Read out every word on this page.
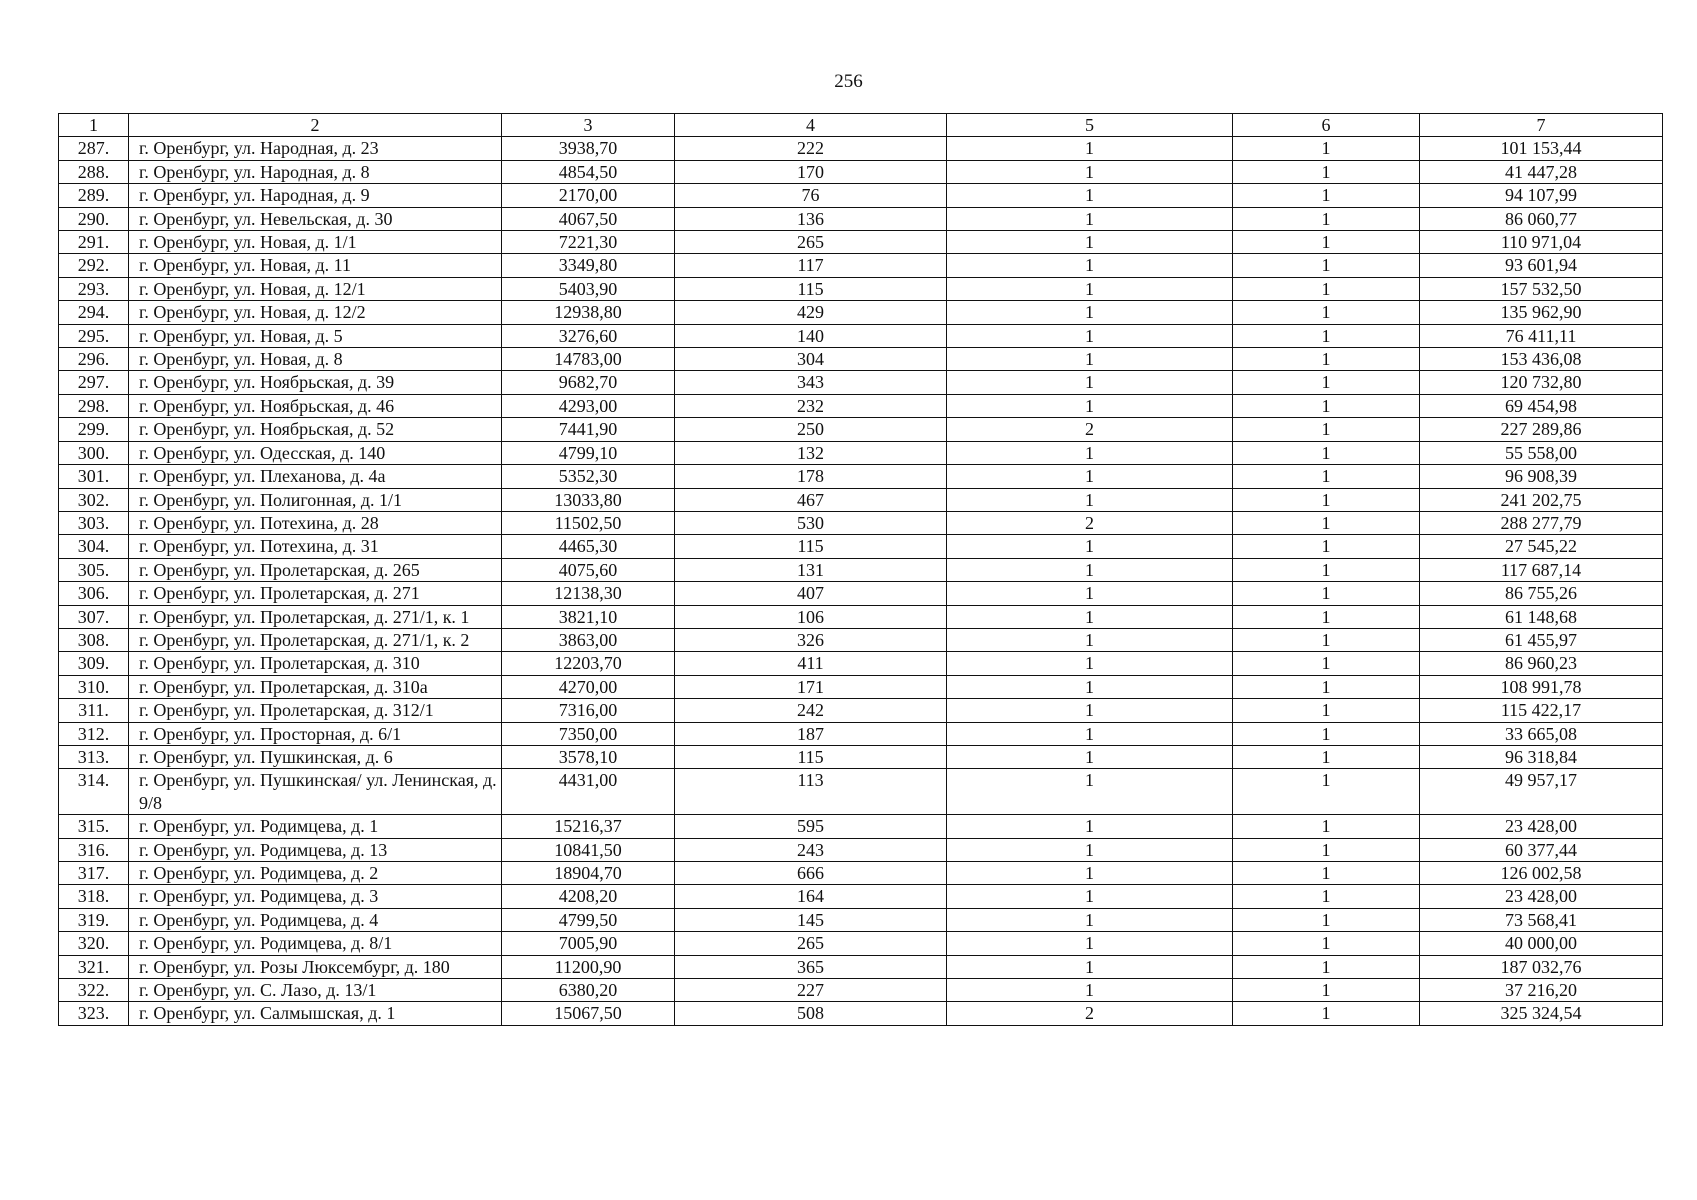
256
1	2	3	4	5	6	7
287.	г. Оренбург, ул. Народная, д. 23	3938,70	222	1	1	101 153,44
288.	г. Оренбург, ул. Народная, д. 8	4854,50	170	1	1	41 447,28
289.	г. Оренбург, ул. Народная, д. 9	2170,00	76	1	1	94 107,99
290.	г. Оренбург, ул. Невельская, д. 30	4067,50	136	1	1	86 060,77
291.	г. Оренбург, ул. Новая, д. 1/1	7221,30	265	1	1	110 971,04
292.	г. Оренбург, ул. Новая, д. 11	3349,80	117	1	1	93 601,94
293.	г. Оренбург, ул. Новая, д. 12/1	5403,90	115	1	1	157 532,50
294.	г. Оренбург, ул. Новая, д. 12/2	12938,80	429	1	1	135 962,90
295.	г. Оренбург, ул. Новая, д. 5	3276,60	140	1	1	76 411,11
296.	г. Оренбург, ул. Новая, д. 8	14783,00	304	1	1	153 436,08
297.	г. Оренбург, ул. Ноябрьская, д. 39	9682,70	343	1	1	120 732,80
298.	г. Оренбург, ул. Ноябрьская, д. 46	4293,00	232	1	1	69 454,98
299.	г. Оренбург, ул. Ноябрьская, д. 52	7441,90	250	2	1	227 289,86
300.	г. Оренбург, ул. Одесская, д. 140	4799,10	132	1	1	55 558,00
301.	г. Оренбург, ул. Плеханова, д. 4а	5352,30	178	1	1	96 908,39
302.	г. Оренбург, ул. Полигонная, д. 1/1	13033,80	467	1	1	241 202,75
303.	г. Оренбург, ул. Потехина, д. 28	11502,50	530	2	1	288 277,79
304.	г. Оренбург, ул. Потехина, д. 31	4465,30	115	1	1	27 545,22
305.	г. Оренбург, ул. Пролетарская, д. 265	4075,60	131	1	1	117 687,14
306.	г. Оренбург, ул. Пролетарская, д. 271	12138,30	407	1	1	86 755,26
307.	г. Оренбург, ул. Пролетарская, д. 271/1, к. 1	3821,10	106	1	1	61 148,68
308.	г. Оренбург, ул. Пролетарская, д. 271/1, к. 2	3863,00	326	1	1	61 455,97
309.	г. Оренбург, ул. Пролетарская, д. 310	12203,70	411	1	1	86 960,23
310.	г. Оренбург, ул. Пролетарская, д. 310а	4270,00	171	1	1	108 991,78
311.	г. Оренбург, ул. Пролетарская, д. 312/1	7316,00	242	1	1	115 422,17
312.	г. Оренбург, ул. Просторная, д. 6/1	7350,00	187	1	1	33 665,08
313.	г. Оренбург, ул. Пушкинская, д. 6	3578,10	115	1	1	96 318,84
314.	г. Оренбург, ул. Пушкинская/ ул. Ленинская, д. 9/8	4431,00	113	1	1	49 957,17
315.	г. Оренбург, ул. Родимцева, д. 1	15216,37	595	1	1	23 428,00
316.	г. Оренбург, ул. Родимцева, д. 13	10841,50	243	1	1	60 377,44
317.	г. Оренбург, ул. Родимцева, д. 2	18904,70	666	1	1	126 002,58
318.	г. Оренбург, ул. Родимцева, д. 3	4208,20	164	1	1	23 428,00
319.	г. Оренбург, ул. Родимцева, д. 4	4799,50	145	1	1	73 568,41
320.	г. Оренбург, ул. Родимцева, д. 8/1	7005,90	265	1	1	40 000,00
321.	г. Оренбург, ул. Розы Люксембург, д. 180	11200,90	365	1	1	187 032,76
322.	г. Оренбург, ул. С. Лазо, д. 13/1	6380,20	227	1	1	37 216,20
323.	г. Оренбург, ул. Салмышская, д. 1	15067,50	508	2	1	325 324,54
